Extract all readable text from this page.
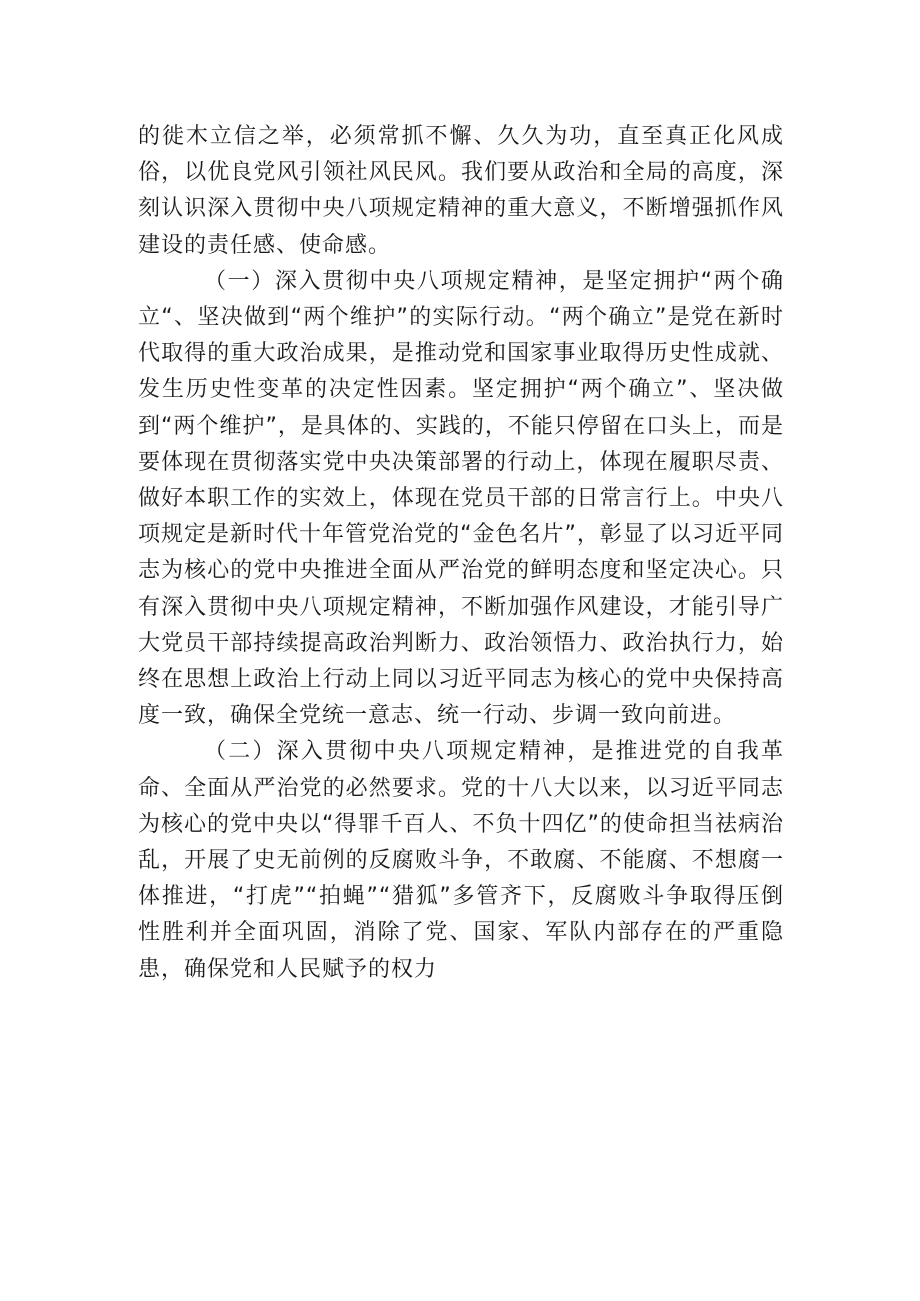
的徙木立信之举，必须常抓不懈、久久为功，直至真正化风成俗，以优良党风引领社风民风。我们要从政治和全局的高度，深刻认识深入贯彻中央八项规定精神的重大意义，不断增强抓作风建设的责任感、使命感。

（一）深入贯彻中央八项规定精神，是坚定拥护“两个确立“、坚决做到“两个维护”的实际行动。“两个确立”是党在新时代取得的重大政治成果，是推动党和国家事业取得历史性成就、发生历史性变革的决定性因素。坚定拥护“两个确立”、坚决做到“两个维护”，是具体的、实践的，不能只停留在口头上，而是要体现在贯彻落实党中央决策部署的行动上，体现在履职尽责、做好本职工作的实效上，体现在党员干部的日常言行上。中央八项规定是新时代十年管党治党的“金色名片”，彰显了以习近平同志为核心的党中央推进全面从严治党的鲜明态度和坚定决心。只有深入贯彻中央八项规定精神，不断加强作风建设，才能引导广大党员干部持续提高政治判断力、政治领悟力、政治执行力，始终在思想上政治上行动上同以习近平同志为核心的党中央保持高度一致，确保全党统一意志、统一行动、步调一致向前进。

（二）深入贯彻中央八项规定精神，是推进党的自我革命、全面从严治党的必然要求。党的十八大以来，以习近平同志为核心的党中央以“得罪千百人、不负十四亿”的使命担当祛病治乱，开展了史无前例的反腐败斗争，不敢腐、不能腐、不想腐一体推进，“打虎”“拍蝇”“猎狐”多管齐下，反腐败斗争取得压倒性胜利并全面巩固，消除了党、国家、军队内部存在的严重隐患，确保党和人民赋予的权力
